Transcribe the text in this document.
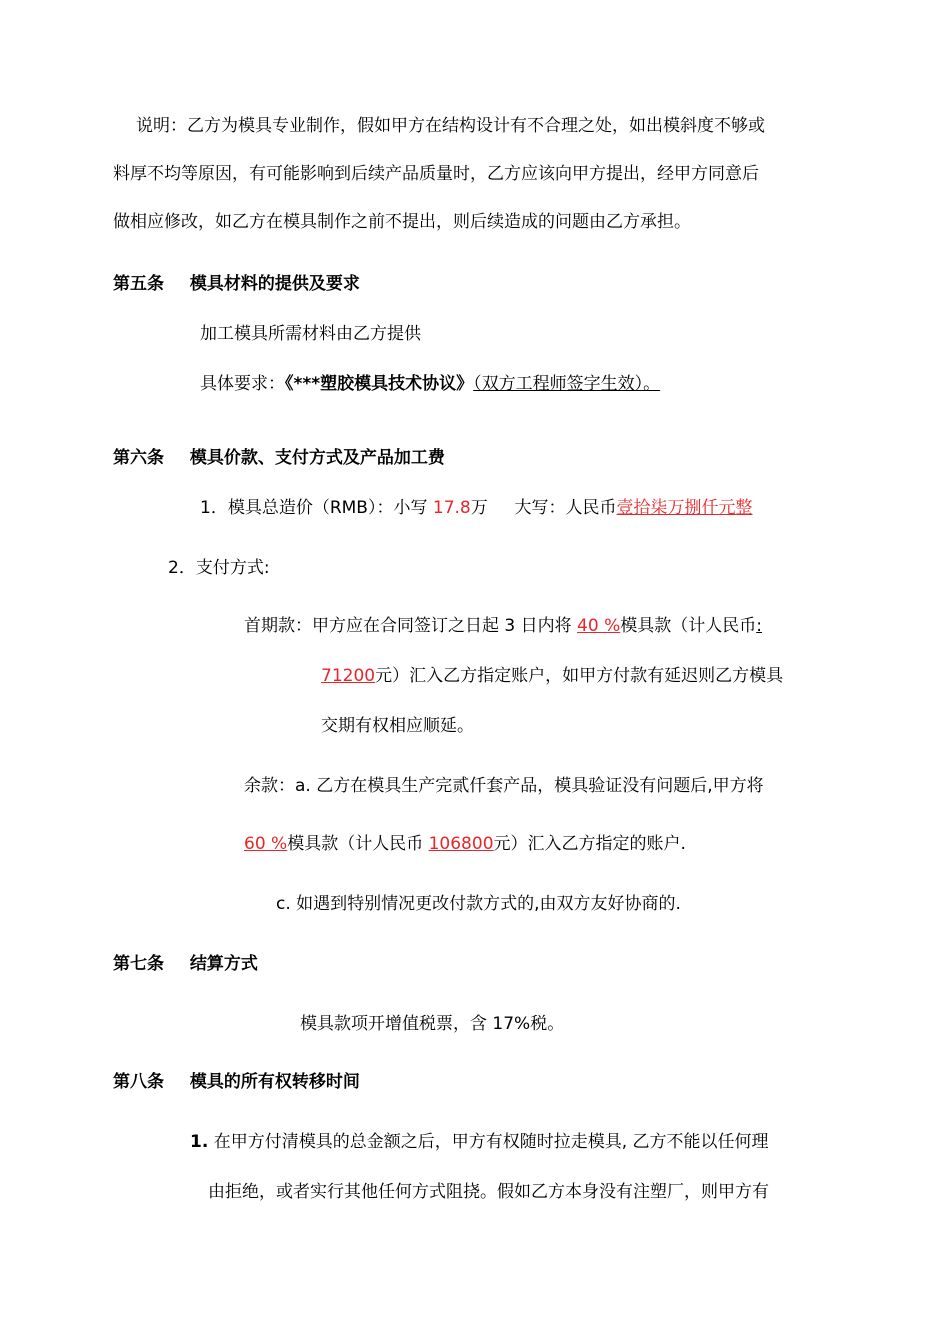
说明：乙方为模具专业制作，假如甲方在结构设计有不合理之处，如出模斜度不够或
料厚不均等原因，有可能影响到后续产品质量时，乙方应该向甲方提出，经甲方同意后
做相应修改，如乙方在模具制作之前不提出，则后续造成的问题由乙方承担。
第五条 模具材料的提供及要求
加工模具所需材料由乙方提供
具体要求：《***塑胶模具技术协议》（双方工程师签字生效）。
第六条 模具价款、支付方式及产品加工费
1．模具总造价（RMB）：小写 17.8万 大写：人民币壹拾柒万捌仟元整
2．支付方式:
首期款：甲方应在合同签订之日起 3 日内将 40 %模具款（计人民币:
71200元）汇入乙方指定账户，如甲方付款有延迟则乙方模具
交期有权相应顺延。
余款：a. 乙方在模具生产完贰仟套产品，模具验证没有问题后,甲方将
60 %模具款（计人民币 106800元）汇入乙方指定的账户.
c. 如遇到特别情况更改付款方式的,由双方友好协商的.
第七条 结算方式
模具款项开增值税票，含 17%税。
第八条 模具的所有权转移时间
1. 在甲方付清模具的总金额之后，甲方有权随时拉走模具, 乙方不能以任何理
由拒绝，或者实行其他任何方式阻挠。假如乙方本身没有注塑厂，则甲方有
